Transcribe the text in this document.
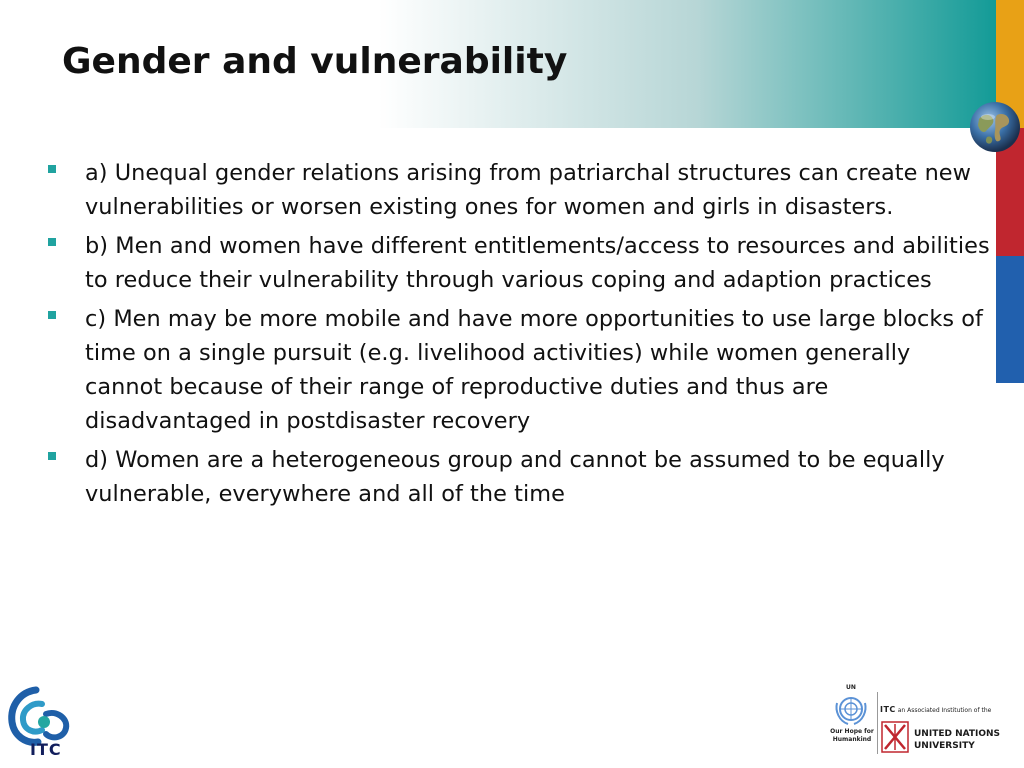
Gender and vulnerability
a) Unequal gender relations arising from patriarchal structures can create new vulnerabilities or worsen existing ones for women and girls in disasters.
b) Men and women have different entitlements/access to resources and abilities to reduce their vulnerability through various coping and adaption practices
c) Men may be more mobile and have more opportunities to use large blocks of time on a single pursuit (e.g. livelihood activities) while women generally cannot because of their range of reproductive duties and thus are disadvantaged in postdisaster recovery
d) Women are a heterogeneous group and cannot be assumed to be equally vulnerable, everywhere and all of the time
ITC
UN
Our Hope for
Humankind
ITC an Associated Institution of the
UNITED NATIONS
UNIVERSITY
